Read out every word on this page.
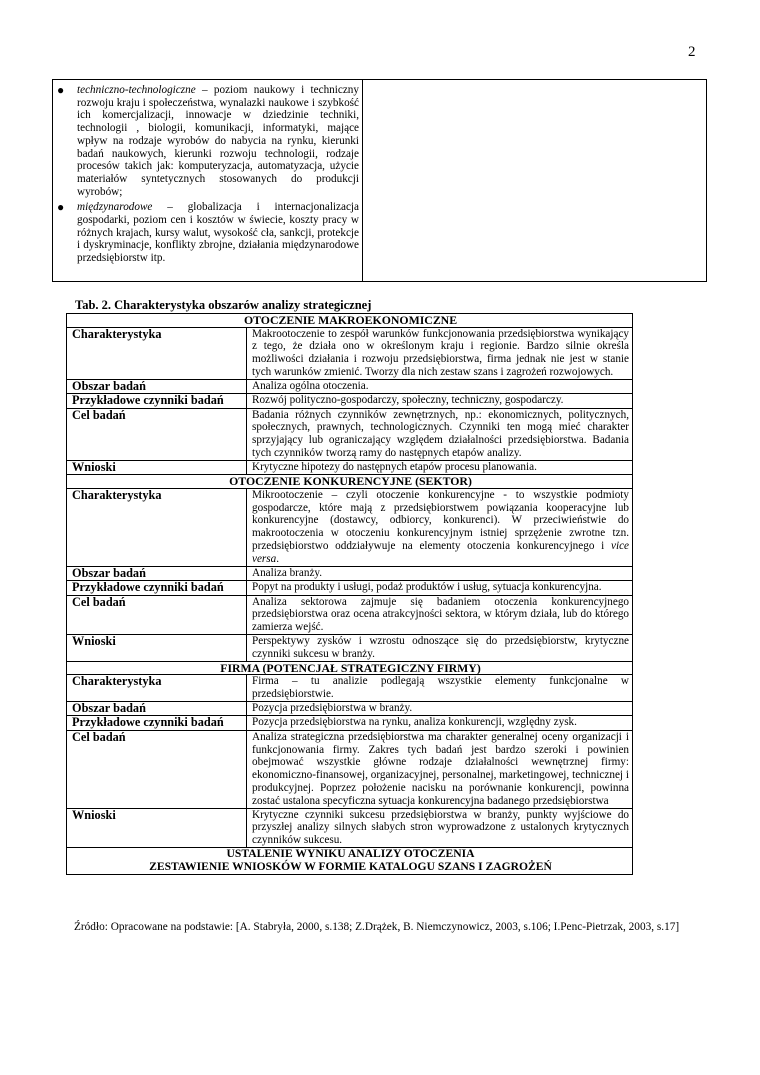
2
●	techniczno-technologiczne – poziom naukowy i techniczny rozwoju kraju i społeczeństwa, wynalazki naukowe i szybkość ich komercjalizacji, innowacje w dziedzinie techniki, technologii , biologii, komunikacji, informatyki, mające wpływ na rodzaje wyrobów do nabycia na rynku, kierunki badań naukowych, kierunki rozwoju technologii, rodzaje procesów takich jak: komputeryzacja, automatyzacja, użycie materiałów syntetycznych stosowanych do produkcji wyrobów;
●	międzynarodowe – globalizacja i internacjonalizacja gospodarki, poziom cen i kosztów w świecie, koszty pracy w różnych krajach, kursy walut, wysokość cła, sankcji, protekcje i dyskryminacje, konflikty zbrojne, działania międzynarodowe przedsiębiorstw itp.
Tab. 2. Charakterystyka obszarów analizy strategicznej
OTOCZENIE MAKROEKONOMICZNE	
Charakterystyka	Makrootoczenie to zespół warunków funkcjonowania przedsiębiorstwa wynikający z tego, że działa ono w określonym kraju i regionie. Bardzo silnie określa możliwości działania i rozwoju przedsiębiorstwa, firma jednak nie jest w stanie tych warunków zmienić. Tworzy dla nich zestaw szans i zagrożeń rozwojowych.
Obszar badań	Analiza ogólna otoczenia.
Przykładowe czynniki badań	Rozwój polityczno-gospodarczy, społeczny, techniczny, gospodarczy.
Cel badań	Badania różnych czynników zewnętrznych, np.: ekonomicznych, politycznych, społecznych, prawnych, technologicznych. Czynniki ten mogą mieć charakter sprzyjający lub ograniczający względem działalności przedsiębiorstwa. Badania tych czynników tworzą ramy do następnych etapów analizy.
Wnioski	Krytyczne hipotezy do następnych etapów procesu planowania.
OTOCZENIE KONKURENCYJNE (SEKTOR)	
Charakterystyka	Mikrootoczenie – czyli otoczenie konkurencyjne - to wszystkie podmioty gospodarcze, które mają z przedsiębiorstwem powiązania kooperacyjne lub konkurencyjne (dostawcy, odbiorcy, konkurenci). W przeciwieństwie do makrootoczenia w otoczeniu konkurencyjnym istniej sprzężenie zwrotne tzn. przedsiębiorstwo oddziaływuje na elementy otoczenia konkurencyjnego i vice versa.
Obszar badań	Analiza branży.
Przykładowe czynniki badań	Popyt na produkty i usługi, podaż produktów i usług, sytuacja konkurencyjna.
Cel badań	Analiza sektorowa zajmuje się badaniem otoczenia konkurencyjnego przedsiębiorstwa oraz ocena atrakcyjności sektora, w którym działa, lub do którego zamierza wejść.
Wnioski	Perspektywy zysków i wzrostu odnoszące się do przedsiębiorstw, krytyczne czynniki sukcesu w branży.
FIRMA (POTENCJAŁ STRATEGICZNY FIRMY)	
Charakterystyka	Firma – tu analizie podlegają wszystkie elementy funkcjonalne w przedsiębiorstwie.
Obszar badań	Pozycja przedsiębiorstwa w branży.
Przykładowe czynniki badań	Pozycja przedsiębiorstwa na rynku, analiza konkurencji, względny zysk.
Cel badań	Analiza strategiczna przedsiębiorstwa ma charakter generalnej oceny organizacji i funkcjonowania firmy. Zakres tych badań jest bardzo szeroki i powinien obejmować wszystkie główne rodzaje działalności wewnętrznej firmy: ekonomiczno-finansowej, organizacyjnej, personalnej, marketingowej, technicznej i produkcyjnej. Poprzez położenie nacisku na porównanie konkurencji, powinna zostać ustalona specyficzna sytuacja konkurencyjna badanego przedsiębiorstwa
Wnioski	Krytyczne czynniki sukcesu przedsiębiorstwa w branży, punkty wyjściowe do przyszłej analizy silnych słabych stron wyprowadzone z ustalonych krytycznych czynników sukcesu.

USTALENIE WYNIKU ANALIZY OTOCZENIA
ZESTAWIENIE WNIOSKÓW W FORMIE KATALOGU SZANS I ZAGROŻEŃ	
Źródło: Opracowane na podstawie: [A. Stabryła, 2000, s.138; Z.Drążek, B. Niemczynowicz, 2003, s.106; I.Penc-Pietrzak, 2003, s.17]
